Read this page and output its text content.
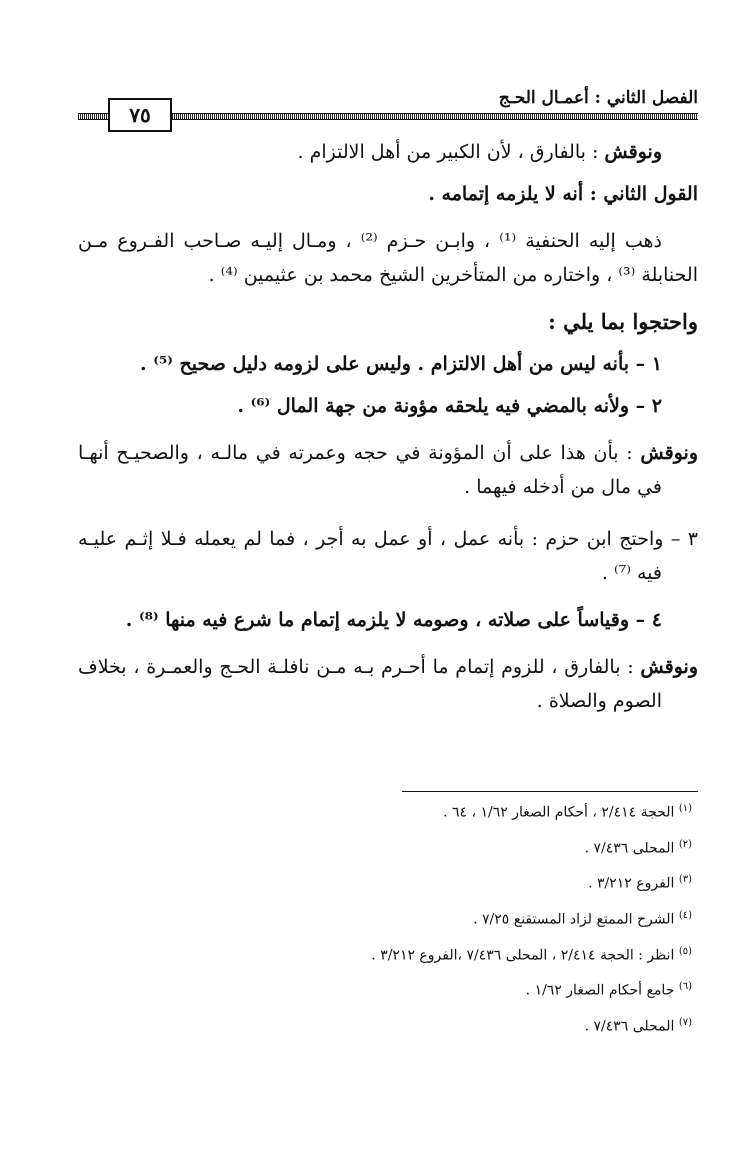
الفصل الثاني : أعمـال الحـج
٧٥

ونوقش : بالفارق ، لأن الكبير من أهل الالتزام .

القول الثاني : أنه لا يلزمه إتمامه .

ذهب إليه الحنفية ⁽¹⁾ ، وابـن حـزم ⁽²⁾ ، ومـال إليـه صـاحب الفـروع مـن الحنابلة ⁽³⁾ ، واختاره من المتأخرين الشيخ محمد بن عثيمين ⁽⁴⁾ .

واحتجوا بما يلي :

١ – بأنه ليس من أهل الالتزام . وليس على لزومه دليل صحيح ⁽⁵⁾ .

٢ – ولأنه بالمضي فيه يلحقه مؤونة من جهة المال ⁽⁶⁾ .

ونوقش : بأن هذا على أن المؤونة في حجه وعمرته في مالـه ، والصحيـح أنهـا في مال من أدخله فيهما .

٣ – واحتج ابن حزم : بأنه عمل ، أو عمل به أجر ، فما لم يعمله فـلا إثـم عليـه فيه ⁽⁷⁾ .

٤ – وقياساً على صلاته ، وصومه لا يلزمه إتمام ما شرع فيه منها ⁽⁸⁾ .

ونوقش : بالفارق ، للزوم إتمام ما أحـرم بـه مـن نافلـة الحـج والعمـرة ، بخلاف الصوم والصلاة .

$^{(١)}$ الحجة ٢/٤١٤ ، أحكام الصغار ١/٦٢ ، ٦٤ .

$^{(٢)}$ المحلى ٧/٤٣٦ .

$^{(٣)}$ الفروع ٣/٢١٢ .

$^{(٤)}$ الشرح الممتع لزاد المستقنع ٧/٢٥ .

$^{(٥)}$ انظر : الحجة ٢/٤١٤ ، المحلى ٧/٤٣٦ ،الفروع ٣/٢١٢ .

$^{(٦)}$ جامع أحكام الصغار ١/٦٢ .

$^{(٧)}$ المحلى ٧/٤٣٦ .
